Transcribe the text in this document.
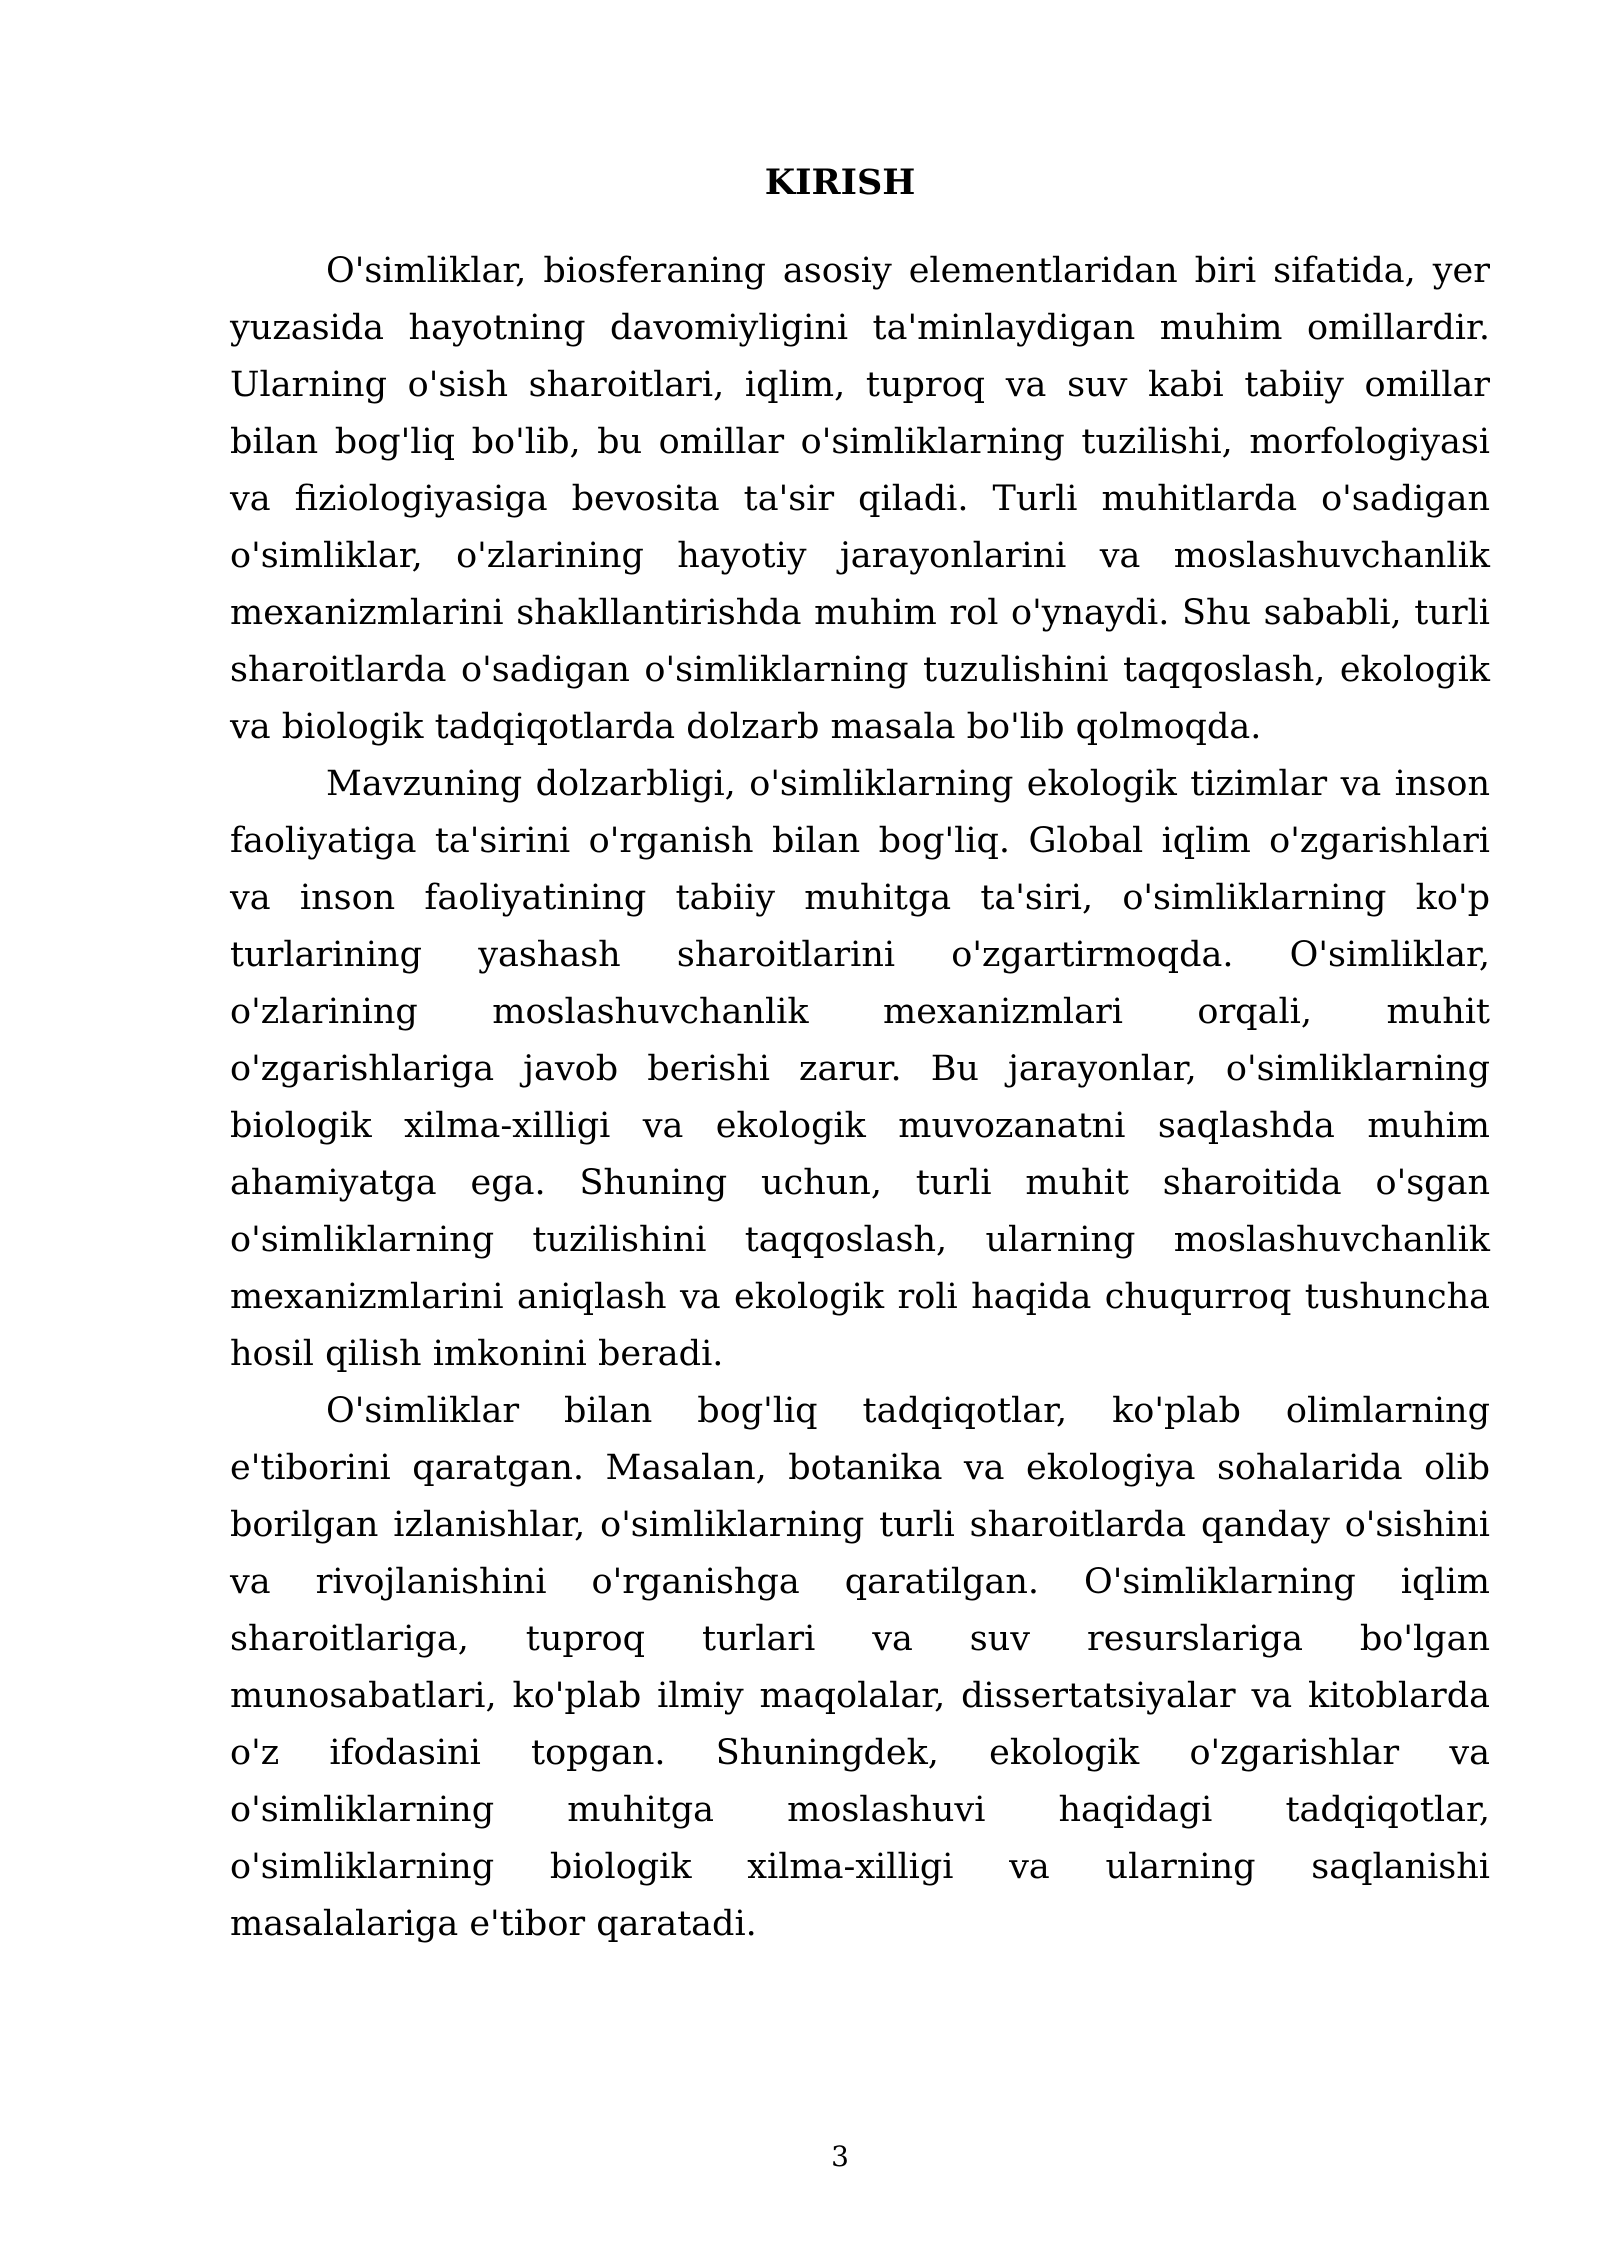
KIRISH

O'simliklar, biosferaning asosiy elementlaridan biri sifatida, yer yuzasida hayotning davomiyligini ta'minlaydigan muhim omillardir. Ularning o'sish sharoitlari, iqlim, tuproq va suv kabi tabiiy omillar bilan bog'liq bo'lib, bu omillar o'simliklarning tuzilishi, morfologiyasi va fiziologiyasiga bevosita ta'sir qiladi. Turli muhitlarda o'sadigan o'simliklar, o'zlarining hayotiy jarayonlarini va moslashuvchanlik mexanizmlarini shakllantirishda muhim rol o'ynaydi. Shu sababli, turli sharoitlarda o'sadigan o'simliklarning tuzulishini taqqoslash, ekologik va biologik tadqiqotlarda dolzarb masala bo'lib qolmoqda.

Mavzuning dolzarbligi, o'simliklarning ekologik tizimlar va inson faoliyatiga ta'sirini o'rganish bilan bog'liq. Global iqlim o'zgarishlari va inson faoliyatining tabiiy muhitga ta'siri, o'simliklarning ko'p turlarining yashash sharoitlarini o'zgartirmoqda. O'simliklar, o'zlarining moslashuvchanlik mexanizmlari orqali, muhit o'zgarishlariga javob berishi zarur. Bu jarayonlar, o'simliklarning biologik xilma-xilligi va ekologik muvozanatni saqlashda muhim ahamiyatga ega. Shuning uchun, turli muhit sharoitida o'sgan o'simliklarning tuzilishini taqqoslash, ularning moslashuvchanlik mexanizmlarini aniqlash va ekologik roli haqida chuqurroq tushuncha hosil qilish imkonini beradi.

O'simliklar bilan bog'liq tadqiqotlar, ko'plab olimlarning e'tiborini qaratgan. Masalan, botanika va ekologiya sohalarida olib borilgan izlanishlar, o'simliklarning turli sharoitlarda qanday o'sishini va rivojlanishini o'rganishga qaratilgan. O'simliklarning iqlim sharoitlariga, tuproq turlari va suv resurslariga bo'lgan munosabatlari, ko'plab ilmiy maqolalar, dissertatsiyalar va kitoblarda o'z ifodasini topgan. Shuningdek, ekologik o'zgarishlar va o'simliklarning muhitga moslashuvi haqidagi tadqiqotlar, o'simliklarning biologik xilma-xilligi va ularning saqlanishi masalalariga e'tibor qaratadi.

3
